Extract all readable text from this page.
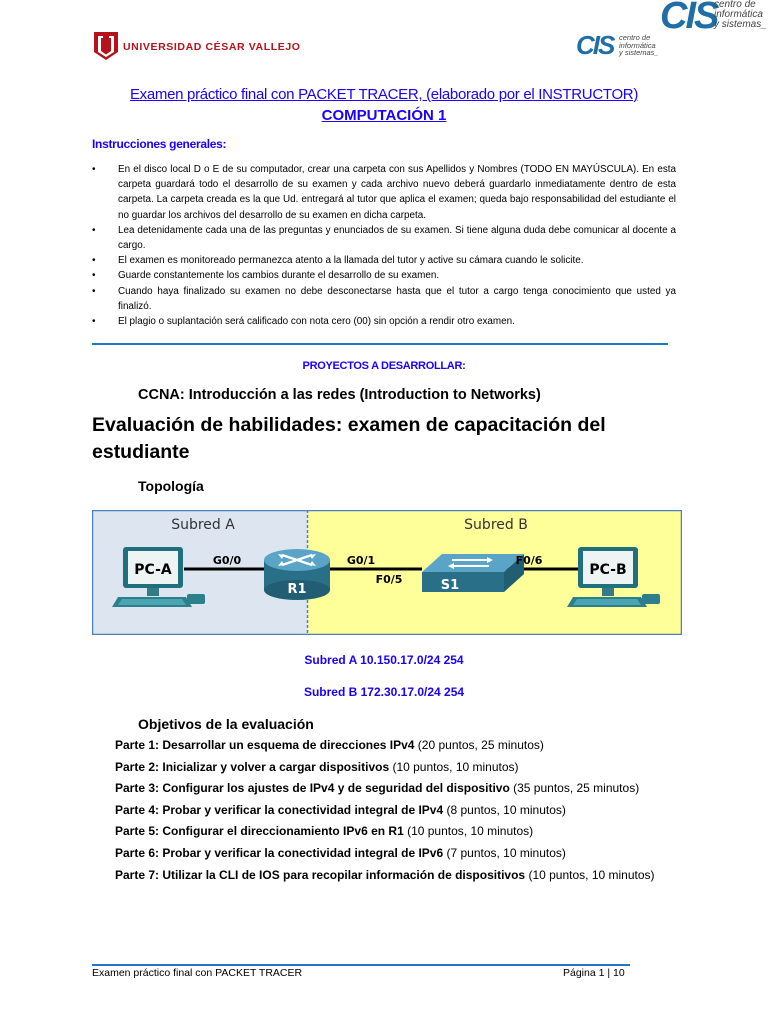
UNIVERSIDAD CÉSAR VALLEJO
CIS
centro de
informática
y sistemas_
CIS centro de
informática
y sistemas_
Examen práctico final con PACKET TRACER, (elaborado por el INSTRUCTOR)
COMPUTACIÓN 1
Instrucciones generales:
• En el disco local D o E de su computador, crear una carpeta con sus Apellidos y Nombres (TODO EN MAYÚSCULA). En esta carpeta guardará todo el desarrollo de su examen y cada archivo nuevo deberá guardarlo inmediatamente dentro de esta carpeta. La carpeta creada es la que Ud. entregará al tutor que aplica el examen; queda bajo responsabilidad del estudiante el no guardar los archivos del desarrollo de su examen en dicha carpeta.
• Lea detenidamente cada una de las preguntas y enunciados de su examen. Si tiene alguna duda debe comunicar al docente a cargo.
• El examen es monitoreado permanezca atento a la llamada del tutor y active su cámara cuando le solicite.
• Guarde constantemente los cambios durante el desarrollo de su examen.
• Cuando haya finalizado su examen no debe desconectarse hasta que el tutor a cargo tenga conocimiento que usted ya finalizó.
• El plagio o suplantación será calificado con nota cero (00) sin opción a rendir otro examen.
PROYECTOS A DESARROLLAR:
CCNA: Introducción a las redes (Introduction to Networks)
Evaluación de habilidades: examen de capacitación del estudiante
Topología
Subred A	Subred B
PC-A
R1	S1
PC-B
G0/0	G0/1
F0/5
F0/6
Subred A 10.150.17.0/24 254
Subred B 172.30.17.0/24 254
Objetivos de la evaluación
Parte 1: Desarrollar un esquema de direcciones IPv4 (20 puntos, 25 minutos)
Parte 2: Inicializar y volver a cargar dispositivos (10 puntos, 10 minutos)
Parte 3: Configurar los ajustes de IPv4 y de seguridad del dispositivo (35 puntos, 25 minutos)
Parte 4: Probar y verificar la conectividad integral de IPv4 (8 puntos, 10 minutos)
Parte 5: Configurar el direccionamiento IPv6 en R1 (10 puntos, 10 minutos)
Parte 6: Probar y verificar la conectividad integral de IPv6 (7 puntos, 10 minutos)
Parte 7: Utilizar la CLI de IOS para recopilar información de dispositivos (10 puntos, 10 minutos)
Examen práctico final con PACKET TRACER	Página 1 | 10
